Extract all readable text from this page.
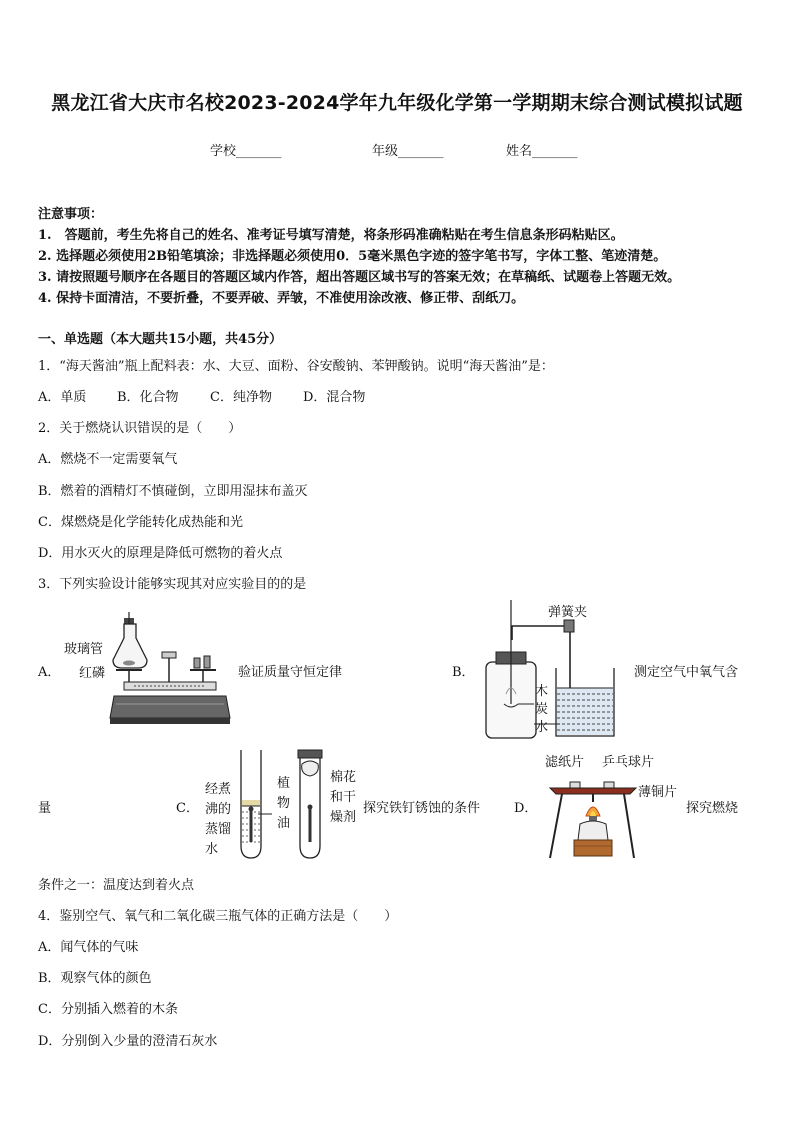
黑龙江省大庆市名校2023-2024学年九年级化学第一学期期末综合测试模拟试题
学校_______	年级_______	姓名_______
注意事项：
1.　答题前，考生先将自己的姓名、准考证号填写清楚，将条形码准确粘贴在考生信息条形码粘贴区。
2. 选择题必须使用2B铅笔填涂；非选择题必须使用0．5毫米黑色字迹的签字笔书写，字体工整、笔迹清楚。
3. 请按照题号顺序在各题目的答题区域内作答，超出答题区域书写的答案无效；在草稿纸、试题卷上答题无效。
4. 保持卡面清洁，不要折叠，不要弄破、弄皱，不准使用涂改液、修正带、刮纸刀。
一、单选题（本大题共15小题，共45分）
1．“海天酱油”瓶上配料表：水、大豆、面粉、谷安酸钠、苯钾酸钠。说明“海天酱油”是：
A．单质 B．化合物 C．纯净物 D．混合物
2．关于燃烧认识错误的是（　　）
A．燃烧不一定需要氧气
B．燃着的酒精灯不慎碰倒，立即用湿抹布盖灭
C．煤燃烧是化学能转化成热能和光
D．用水灭火的原理是降低可燃物的着火点
3．下列实验设计能够实现其对应实验目的的是
A．
玻璃管
红磷	验证质量守恒定律	B．
弹簧夹
木
炭
水
测定空气中氧气含
量	C．
经煮
沸的
蒸馏
水
植
物
油
棉花
和干
燥剂
探究铁钉锈蚀的条件	D．
滤纸片 乒乓球片
薄铜片
探究燃烧
条件之一：温度达到着火点
4．鉴别空气、氧气和二氧化碳三瓶气体的正确方法是（　　）
A．闻气体的气味
B．观察气体的颜色
C．分别插入燃着的木条
D．分别倒入少量的澄清石灰水
